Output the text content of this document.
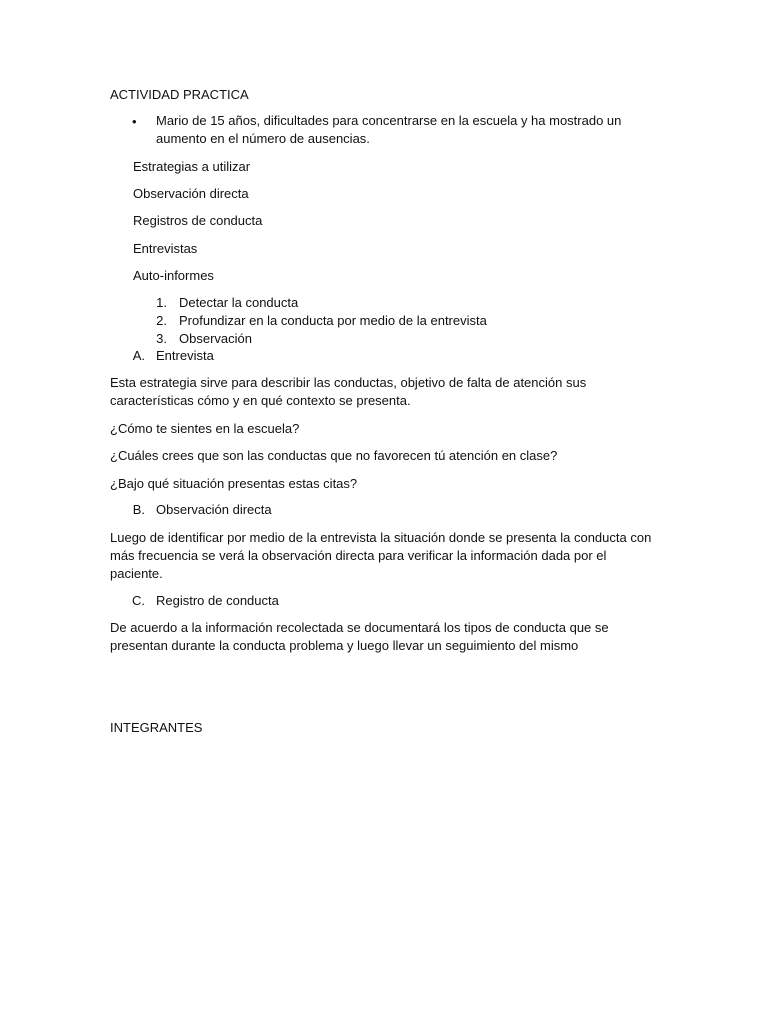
ACTIVIDAD PRACTICA
• Mario de 15 años, dificultades para concentrarse en la escuela y ha mostrado un
aumento en el número de ausencias.
Estrategias a utilizar
Observación directa
Registros de conducta
Entrevistas
Auto-informes
1. Detectar la conducta
2. Profundizar en la conducta por medio de la entrevista
3. Observación
A. Entrevista
Esta estrategia sirve para describir las conductas, objetivo de falta de atención sus
características cómo y en qué contexto se presenta.
¿Cómo te sientes en la escuela?
¿Cuáles crees que son las conductas que no favorecen tú atención en clase?
¿Bajo qué situación presentas estas citas?
B. Observación directa
Luego de identificar por medio de la entrevista la situación donde se presenta la conducta con
más frecuencia se verá la observación directa para verificar la información dada por el
paciente.
C. Registro de conducta
De acuerdo a la información recolectada se documentará los tipos de conducta que se
presentan durante la conducta problema y luego llevar un seguimiento del mismo
INTEGRANTES
